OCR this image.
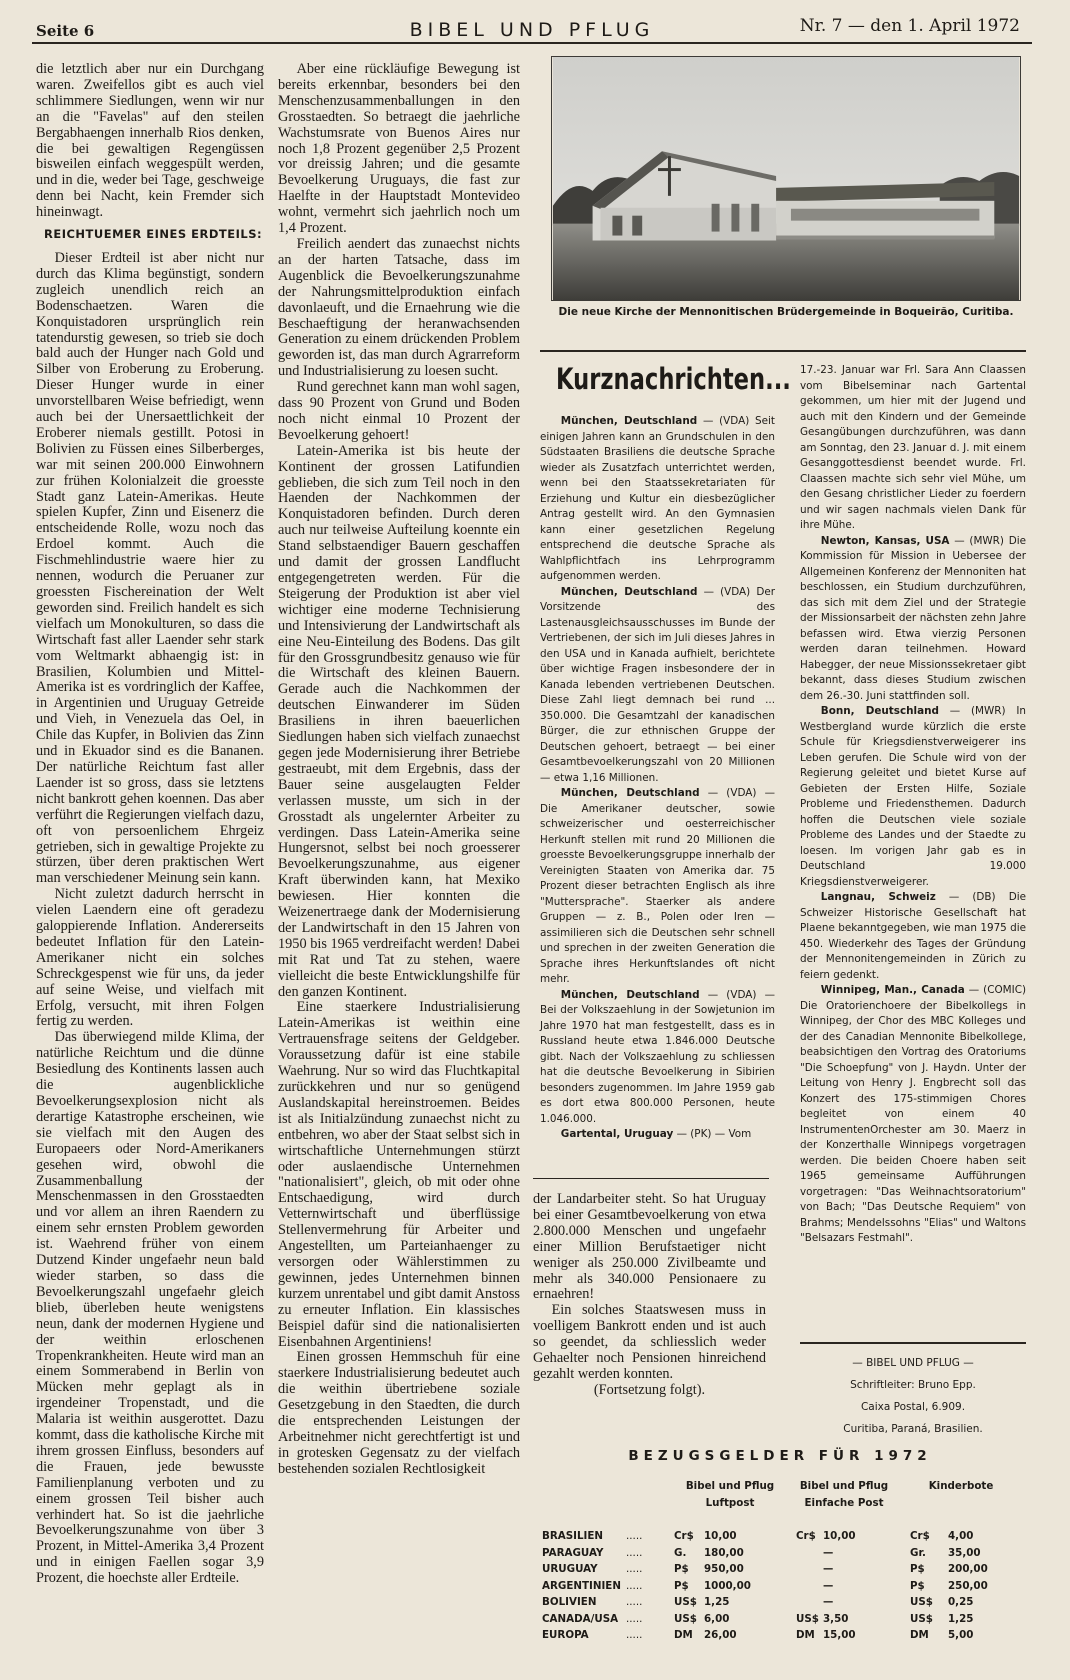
Seite 6	BIBEL UND PFLUG	Nr. 7 — den 1. April 1972

die letztlich aber nur ein Durchgang waren. Zweifellos gibt es auch viel schlimmere Siedlungen, wenn wir nur an die "Favelas" auf den steilen Bergabhaengen innerhalb Rios denken, die bei gewaltigen Regengüssen bisweilen einfach weggespült werden, und in die, weder bei Tage, geschweige denn bei Nacht, kein Fremder sich hineinwagt.

REICHTUEMER EINES ERDTEILS:

Dieser Erdteil ist aber nicht nur durch das Klima begünstigt, sondern zugleich unendlich reich an Bodenschaetzen. Waren die Konquistadoren ursprünglich rein tatendurstig gewesen, so trieb sie doch bald auch der Hunger nach Gold und Silber von Eroberung zu Eroberung. Dieser Hunger wurde in einer unvorstellbaren Weise befriedigt, wenn auch bei der Unersaettlichkeit der Eroberer niemals gestillt. Potosi in Bolivien zu Füssen eines Silberberges, war mit seinen 200.000 Einwohnern zur frühen Kolonialzeit die groesste Stadt ganz Latein-Amerikas. Heute spielen Kupfer, Zinn und Eisenerz die entscheidende Rolle, wozu noch das Erdoel kommt. Auch die Fischmehlindustrie waere hier zu nennen, wodurch die Peruaner zur groessten Fischereination der Welt geworden sind. Freilich handelt es sich vielfach um Monokulturen, so dass die Wirtschaft fast aller Laender sehr stark vom Weltmarkt abhaengig ist: in Brasilien, Kolumbien und Mittel-Amerika ist es vordringlich der Kaffee, in Argentinien und Uruguay Getreide und Vieh, in Venezuela das Oel, in Chile das Kupfer, in Bolivien das Zinn und in Ekuador sind es die Bananen. Der natürliche Reichtum fast aller Laender ist so gross, dass sie letztens nicht bankrott gehen koennen. Das aber verführt die Regierungen vielfach dazu, oft von persoenlichem Ehrgeiz getrieben, sich in gewaltige Projekte zu stürzen, über deren praktischen Wert man verschiedener Meinung sein kann.

Nicht zuletzt dadurch herrscht in vielen Laendern eine oft geradezu galoppierende Inflation. Andererseits bedeutet Inflation für den Latein-Amerikaner nicht ein solches Schreckgespenst wie für uns, da jeder auf seine Weise, und vielfach mit Erfolg, versucht, mit ihren Folgen fertig zu werden.

Das überwiegend milde Klima, der natürliche Reichtum und die dünne Besiedlung des Kontinents lassen auch die augenblickliche Bevoelkerungsexplosion nicht als derartige Katastrophe erscheinen, wie sie vielfach mit den Augen des Europaeers oder Nord-Amerikaners gesehen wird, obwohl die Zusammenballung der Menschenmassen in den Grosstaedten und vor allem an ihren Raendern zu einem sehr ernsten Problem geworden ist. Waehrend früher von einem Dutzend Kinder ungefaehr neun bald wieder starben, so dass die Bevoelkerungszahl ungefaehr gleich blieb, überleben heute wenigstens neun, dank der modernen Hygiene und der weithin erloschenen Tropenkrankheiten. Heute wird man an einem Sommerabend in Berlin von Mücken mehr geplagt als in irgendeiner Tropenstadt, und die Malaria ist weithin ausgerottet. Dazu kommt, dass die katholische Kirche mit ihrem grossen Einfluss, besonders auf die Frauen, jede bewusste Familienplanung verboten und zu einem grossen Teil bisher auch verhindert hat. So ist die jaehrliche Bevoelkerungszunahme von über 3 Prozent, in Mittel-Amerika 3,4 Prozent und in einigen Faellen sogar 3,9 Prozent, die hoechste aller Erdteile.

Aber eine rückläufige Bewegung ist bereits erkennbar, besonders bei den Menschenzusammenballungen in den Grosstaedten. So betraegt die jaehrliche Wachstumsrate von Buenos Aires nur noch 1,8 Prozent gegenüber 2,5 Prozent vor dreissig Jahren; und die gesamte Bevoelkerung Uruguays, die fast zur Haelfte in der Hauptstadt Montevideo wohnt, vermehrt sich jaehrlich noch um 1,4 Prozent.

Freilich aendert das zunaechst nichts an der harten Tatsache, dass im Augenblick die Bevoelkerungszunahme der Nahrungsmittelproduktion einfach davonlaeuft, und die Ernaehrung wie die Beschaeftigung der heranwachsenden Generation zu einem drückenden Problem geworden ist, das man durch Agrarreform und Industrialisierung zu loesen sucht.

Rund gerechnet kann man wohl sagen, dass 90 Prozent von Grund und Boden noch nicht einmal 10 Prozent der Bevoelkerung gehoert!

Latein-Amerika ist bis heute der Kontinent der grossen Latifundien geblieben, die sich zum Teil noch in den Haenden der Nachkommen der Konquistadoren befinden. Durch deren auch nur teilweise Aufteilung koennte ein Stand selbstaendiger Bauern geschaffen und damit der grossen Landflucht entgegengetreten werden. Für die Steigerung der Produktion ist aber viel wichtiger eine moderne Technisierung und Intensivierung der Landwirtschaft als eine Neu-Einteilung des Bodens. Das gilt für den Grossgrundbesitz genauso wie für die Wirtschaft des kleinen Bauern. Gerade auch die Nachkommen der deutschen Einwanderer im Süden Brasiliens in ihren baeuerlichen Siedlungen haben sich vielfach zunaechst gegen jede Modernisierung ihrer Betriebe gestraeubt, mit dem Ergebnis, dass der Bauer seine ausgelaugten Felder verlassen musste, um sich in der Grosstadt als ungelernter Arbeiter zu verdingen. Dass Latein-Amerika seine Hungersnot, selbst bei noch groesserer Bevoelkerungszunahme, aus eigener Kraft überwinden kann, hat Mexiko bewiesen. Hier konnten die Weizenertraege dank der Modernisierung der Landwirtschaft in den 15 Jahren von 1950 bis 1965 verdreifacht werden! Dabei mit Rat und Tat zu stehen, waere vielleicht die beste Entwicklungshilfe für den ganzen Kontinent.

Eine staerkere Industrialisierung Latein-Amerikas ist weithin eine Vertrauensfrage seitens der Geldgeber. Voraussetzung dafür ist eine stabile Waehrung. Nur so wird das Fluchtkapital zurückkehren und nur so genügend Auslandskapital hereinstroemen. Beides ist als Initialzündung zunaechst nicht zu entbehren, wo aber der Staat selbst sich in wirtschaftliche Unternehmungen stürzt oder auslaendische Unternehmen "nationalisiert", gleich, ob mit oder ohne Entschaedigung, wird durch Vetternwirtschaft und überflüssige Stellenvermehrung für Arbeiter und Angestellten, um Parteianhaenger zu versorgen oder Wählerstimmen zu gewinnen, jedes Unternehmen binnen kurzem unrentabel und gibt damit Anstoss zu erneuter Inflation. Ein klassisches Beispiel dafür sind die nationalisierten Eisenbahnen Argentiniens!

Einen grossen Hemmschuh für eine staerkere Industrialisierung bedeutet auch die weithin übertriebene soziale Gesetzgebung in den Staedten, die durch die entsprechenden Leistungen der Arbeitnehmer nicht gerechtfertigt ist und in grotesken Gegensatz zu der vielfach bestehenden sozialen Rechtlosigkeit

der Landarbeiter steht. So hat Uruguay bei einer Gesamtbevoelkerung von etwa 2.800.000 Menschen und ungefaehr einer Million Berufstaetiger nicht weniger als 250.000 Zivilbeamte und mehr als 340.000 Pensionaere zu ernaehren!

Ein solches Staatswesen muss in voelligem Bankrott enden und ist auch so geendet, da schliesslich weder Gehaelter noch Pensionen hinreichend gezahlt werden konnten.

(Fortsetzung folgt).

Die neue Kirche der Mennonitischen Brüdergemeinde in Boqueirão, Curitiba.
Kurznachrichten...

München, Deutschland — (VDA) Seit einigen Jahren kann an Grundschulen in den Südstaaten Brasiliens die deutsche Sprache wieder als Zusatzfach unterrichtet werden, wenn bei den Staatssekretariaten für Erziehung und Kultur ein diesbezüglicher Antrag gestellt wird. An den Gymnasien kann einer gesetzlichen Regelung entsprechend die deutsche Sprache als Wahlpflichtfach ins Lehrprogramm aufgenommen werden.

München, Deutschland — (VDA) Der Vorsitzende des Lastenausgleichsausschusses im Bunde der Vertriebenen, der sich im Juli dieses Jahres in den USA und in Kanada aufhielt, berichtete über wichtige Fragen insbesondere der in Kanada lebenden vertriebenen Deutschen. Diese Zahl liegt demnach bei rund ... 350.000. Die Gesamtzahl der kanadischen Bürger, die zur ethnischen Gruppe der Deutschen gehoert, betraegt — bei einer Gesamtbevoelkerungszahl von 20 Millionen — etwa 1,16 Millionen.

München, Deutschland — (VDA) — Die Amerikaner deutscher, sowie schweizerischer und oesterreichischer Herkunft stellen mit rund 20 Millionen die groesste Bevoelkerungsgruppe innerhalb der Vereinigten Staaten von Amerika dar. 75 Prozent dieser betrachten Englisch als ihre "Muttersprache". Staerker als andere Gruppen — z. B., Polen oder Iren — assimilieren sich die Deutschen sehr schnell und sprechen in der zweiten Generation die Sprache ihres Herkunftslandes oft nicht mehr.

München, Deutschland — (VDA) — Bei der Volkszaehlung in der Sowjetunion im Jahre 1970 hat man festgestellt, dass es in Russland heute etwa 1.846.000 Deutsche gibt. Nach der Volkszaehlung zu schliessen hat die deutsche Bevoelkerung in Sibirien besonders zugenommen. Im Jahre 1959 gab es dort etwa 800.000 Personen, heute 1.046.000.

Gartental, Uruguay — (PK) — Vom

17.-23. Januar war Frl. Sara Ann Claassen vom Bibelseminar nach Gartental gekommen, um hier mit der Jugend und auch mit den Kindern und der Gemeinde Gesangübungen durchzuführen, was dann am Sonntag, den 23. Januar d. J. mit einem Gesanggottesdienst beendet wurde. Frl. Claassen machte sich sehr viel Mühe, um den Gesang christlicher Lieder zu foerdern und wir sagen nachmals vielen Dank für ihre Mühe.

Newton, Kansas, USA — (MWR) Die Kommission für Mission in Uebersee der Allgemeinen Konferenz der Mennoniten hat beschlossen, ein Studium durchzuführen, das sich mit dem Ziel und der Strategie der Missionsarbeit der nächsten zehn Jahre befassen wird. Etwa vierzig Personen werden daran teilnehmen. Howard Habegger, der neue Missionssekretaer gibt bekannt, dass dieses Studium zwischen dem 26.-30. Juni stattfinden soll.

Bonn, Deutschland — (MWR) In Westbergland wurde kürzlich die erste Schule für Kriegsdienstverweigerer ins Leben gerufen. Die Schule wird von der Regierung geleitet und bietet Kurse auf Gebieten der Ersten Hilfe, Soziale Probleme und Friedensthemen. Dadurch hoffen die Deutschen viele soziale Probleme des Landes und der Staedte zu loesen. Im vorigen Jahr gab es in Deutschland 19.000 Kriegsdienstverweigerer.

Langnau, Schweiz — (DB) Die Schweizer Historische Gesellschaft hat Plaene bekanntgegeben, wie man 1975 die 450. Wiederkehr des Tages der Gründung der Mennonitengemeinden in Zürich zu feiern gedenkt.

Winnipeg, Man., Canada — (COMIC) Die Oratorienchoere der Bibelkollegs in Winnipeg, der Chor des MBC Kolleges und der des Canadian Mennonite Bibelkollege, beabsichtigen den Vortrag des Oratoriums "Die Schoepfung" von J. Haydn. Unter der Leitung von Henry J. Engbrecht soll das Konzert des 175-stimmigen Chores begleitet von einem 40 InstrumentenOrchester am 30. Maerz in der Konzerthalle Winnipegs vorgetragen werden. Die beiden Choere haben seit 1965 gemeinsame Aufführungen vorgetragen: "Das Weihnachtsoratorium" von Bach; "Das Deutsche Requiem" von Brahms; Mendelssohns "Elias" und Waltons "Belsazars Festmahl".

— BIBEL UND PFLUG —
Schriftleiter: Bruno Epp.
Caixa Postal, 6.909.
Curitiba, Paraná, Brasilien.
BEZUGSGELDER FÜR 1972
Bibel und Pflug Luftpost
Bibel und Pflug Einfache Post
Kinderbote
BRASILIEN	Cr$ 10,00	Cr$ 10,00	Cr$ 4,00
.....
PARAGUAY	G. 180,00	—	Gr. 35,00
.....
URUGUAY	P$ 950,00	—	P$ 200,00
.....
ARGENTINIEN	P$ 1000,00	—	P$ 250,00
.....
BOLIVIEN	US$ 1,25	—	US$ 0,25
.....
CANADA/USA	US$ 6,00	US$ 3,50	US$ 1,25
.....
EUROPA	DM 26,00	DM 15,00	DM 5,00
.....
